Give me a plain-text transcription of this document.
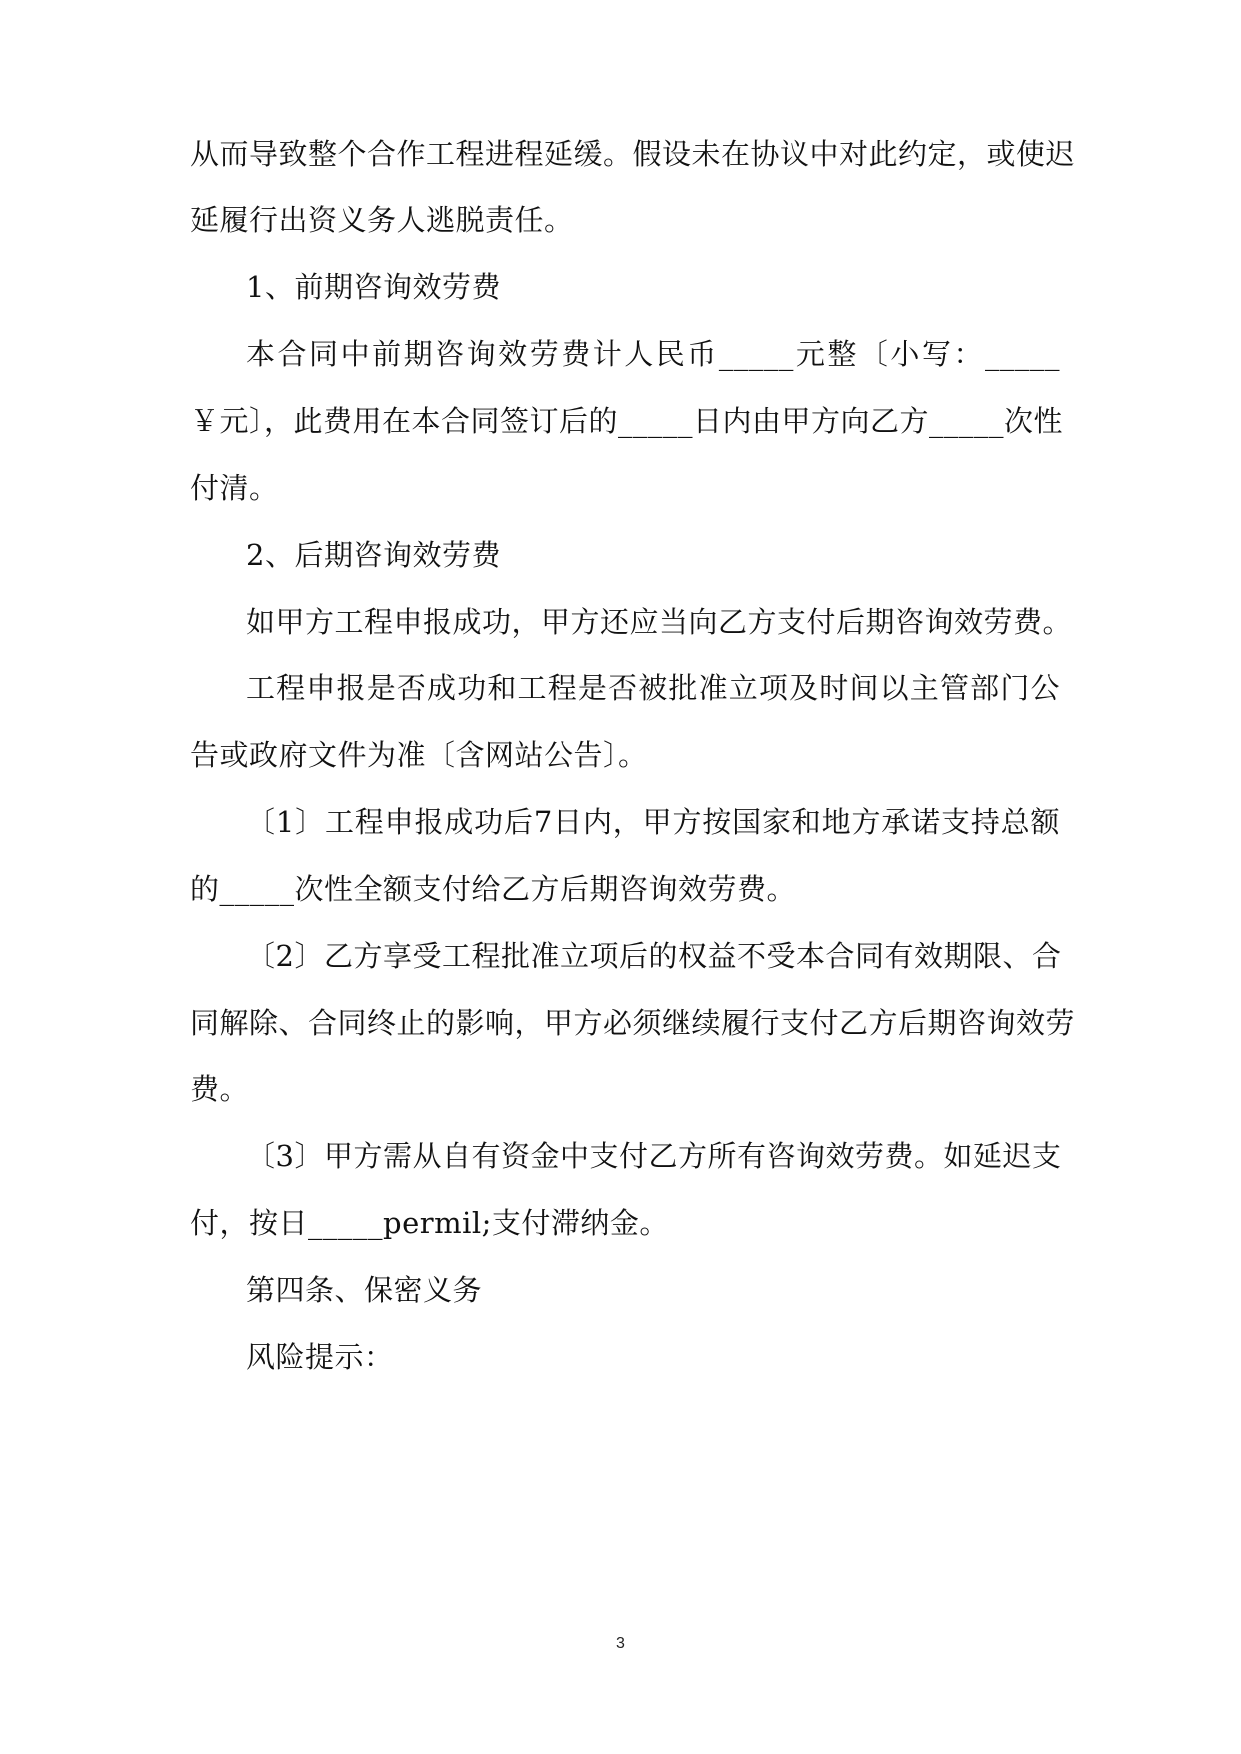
从而导致整个合作工程进程延缓。假设未在协议中对此约定，或使迟
延履行出资义务人逃脱责任。
1、前期咨询效劳费
本合同中前期咨询效劳费计人民币_____元整〔小写：_____
￥元〕，此费用在本合同签订后的_____日内由甲方向乙方_____次性
付清。
2、后期咨询效劳费
如甲方工程申报成功，甲方还应当向乙方支付后期咨询效劳费。
工程申报是否成功和工程是否被批准立项及时间以主管部门公
告或政府文件为准〔含网站公告〕。
〔1〕工程申报成功后7日内，甲方按国家和地方承诺支持总额
的_____次性全额支付给乙方后期咨询效劳费。
〔2〕乙方享受工程批准立项后的权益不受本合同有效期限、合
同解除、合同终止的影响，甲方必须继续履行支付乙方后期咨询效劳
费。
〔3〕甲方需从自有资金中支付乙方所有咨询效劳费。如延迟支
付，按日_____permil;支付滞纳金。
第四条、保密义务
风险提示：
3
